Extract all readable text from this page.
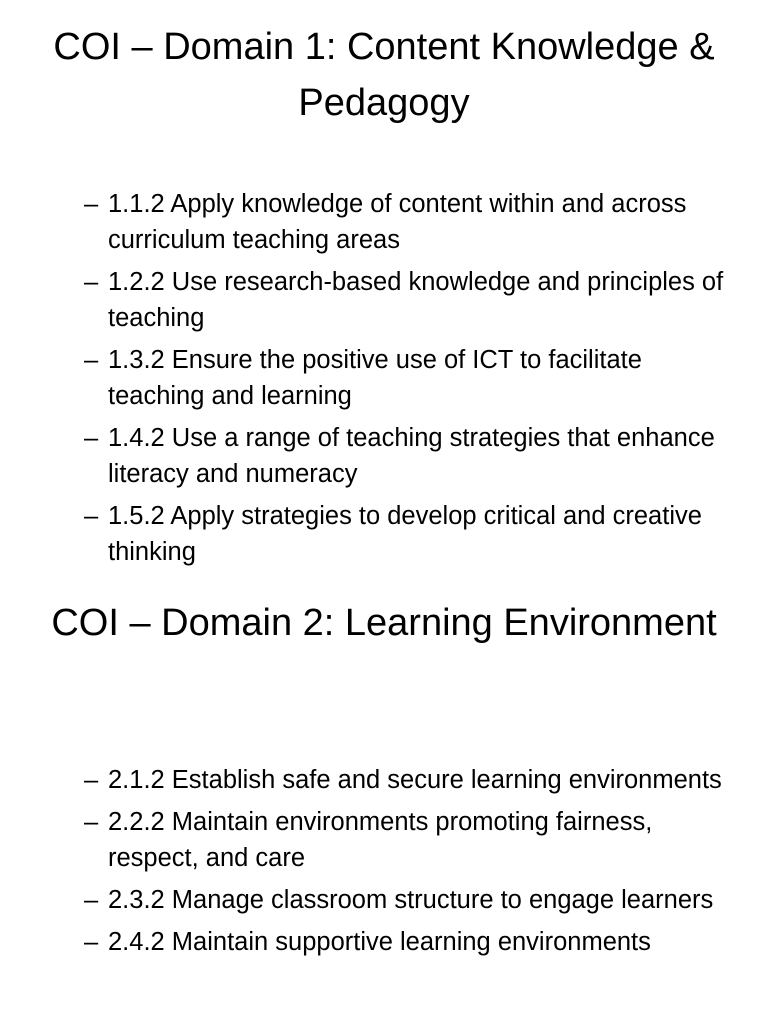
COI – Domain 1: Content Knowledge & Pedagogy
– 1.1.2 Apply knowledge of content within and across curriculum teaching areas
– 1.2.2 Use research-based knowledge and principles of teaching
– 1.3.2 Ensure the positive use of ICT to facilitate teaching and learning
– 1.4.2 Use a range of teaching strategies that enhance literacy and numeracy
– 1.5.2 Apply strategies to develop critical and creative thinking
COI – Domain 2: Learning Environment
– 2.1.2 Establish safe and secure learning environments
– 2.2.2 Maintain environments promoting fairness, respect, and care
– 2.3.2 Manage classroom structure to engage learners
– 2.4.2 Maintain supportive learning environments
